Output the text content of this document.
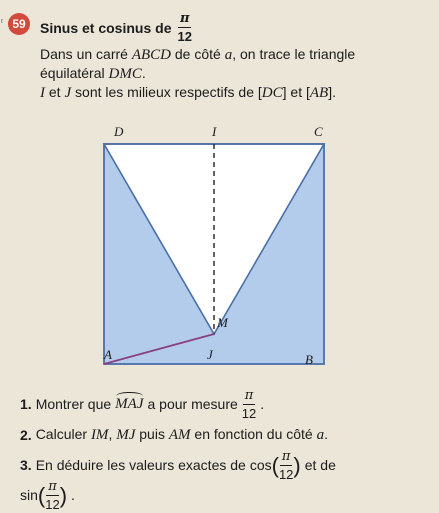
ᵗ 59	Sinus et cosinus de $\frac{\pi}{12}$
Dans un carré ABCD de côté a, on trace le triangle
équilatéral DMC.
I et J sont les milieux respectifs de [DC] et [AB].
D	I	C
M
A	J	B
1. Montrer que MAJ a pour mesure $\frac{\pi}{12}$ .
2. Calculer IM, MJ puis AM en fonction du côté a.
3. En déduire les valeurs exactes de cos ( $\frac{\pi}{12}$ ) et de
sin ( $\frac{\pi}{12}$ ) .
